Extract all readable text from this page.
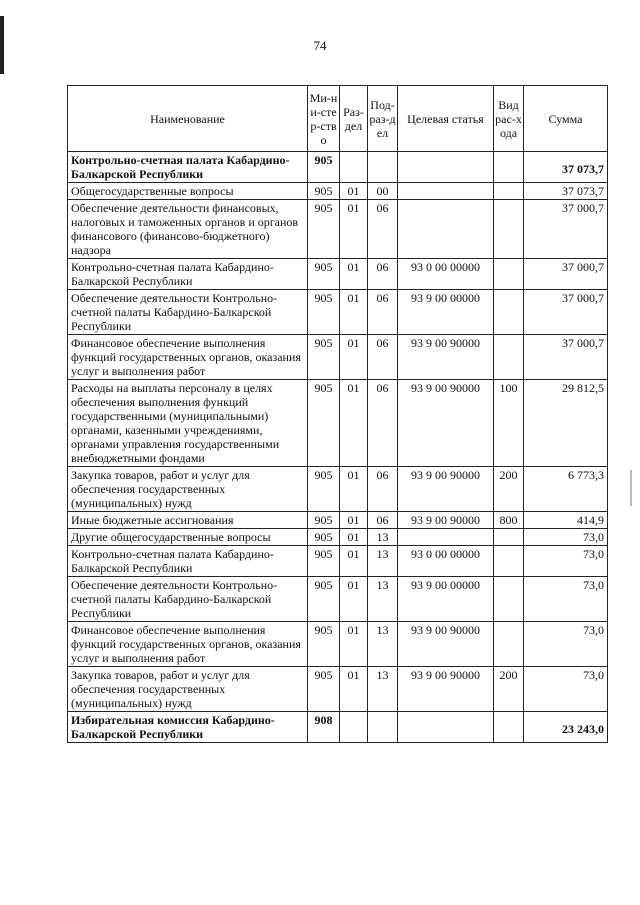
74
Наименование	Ми-ни-стер-ство	Раз-дел	Под-раз-дел	Целевая статья	Вид рас-хода	Сумма
Контрольно-счетная палата Кабардино-Балкарской Республики	905					37 073,7
Общегосударственные вопросы	905	01	00			37 073,7
Обеспечение деятельности финансовых, налоговых и таможенных органов и органов финансового (финансово-бюджетного) надзора	905	01	06			37 000,7
Контрольно-счетная палата Кабардино-Балкарской Республики	905	01	06	93 0 00 00000		37 000,7
Обеспечение деятельности Контрольно-счетной палаты Кабардино-Балкарской Республики	905	01	06	93 9 00 00000		37 000,7
Финансовое обеспечение выполнения функций государственных органов, оказания услуг и выполнения работ	905	01	06	93 9 00 90000		37 000,7
Расходы на выплаты персоналу в целях обеспечения выполнения функций государственными (муниципальными) органами, казенными учреждениями, органами управления государственными внебюджетными фондами	905	01	06	93 9 00 90000	100	29 812,5
Закупка товаров, работ и услуг для обеспечения государственных (муниципальных) нужд	905	01	06	93 9 00 90000	200	6 773,3
Иные бюджетные ассигнования	905	01	06	93 9 00 90000	800	414,9
Другие общегосударственные вопросы	905	01	13			73,0
Контрольно-счетная палата Кабардино-Балкарской Республики	905	01	13	93 0 00 00000		73,0
Обеспечение деятельности Контрольно-счетной палаты Кабардино-Балкарской Республики	905	01	13	93 9 00 00000		73,0
Финансовое обеспечение выполнения функций государственных органов, оказания услуг и выполнения работ	905	01	13	93 9 00 90000		73,0
Закупка товаров, работ и услуг для обеспечения государственных (муниципальных) нужд	905	01	13	93 9 00 90000	200	73,0
Избирательная комиссия Кабардино-Балкарской Республики	908					23 243,0
